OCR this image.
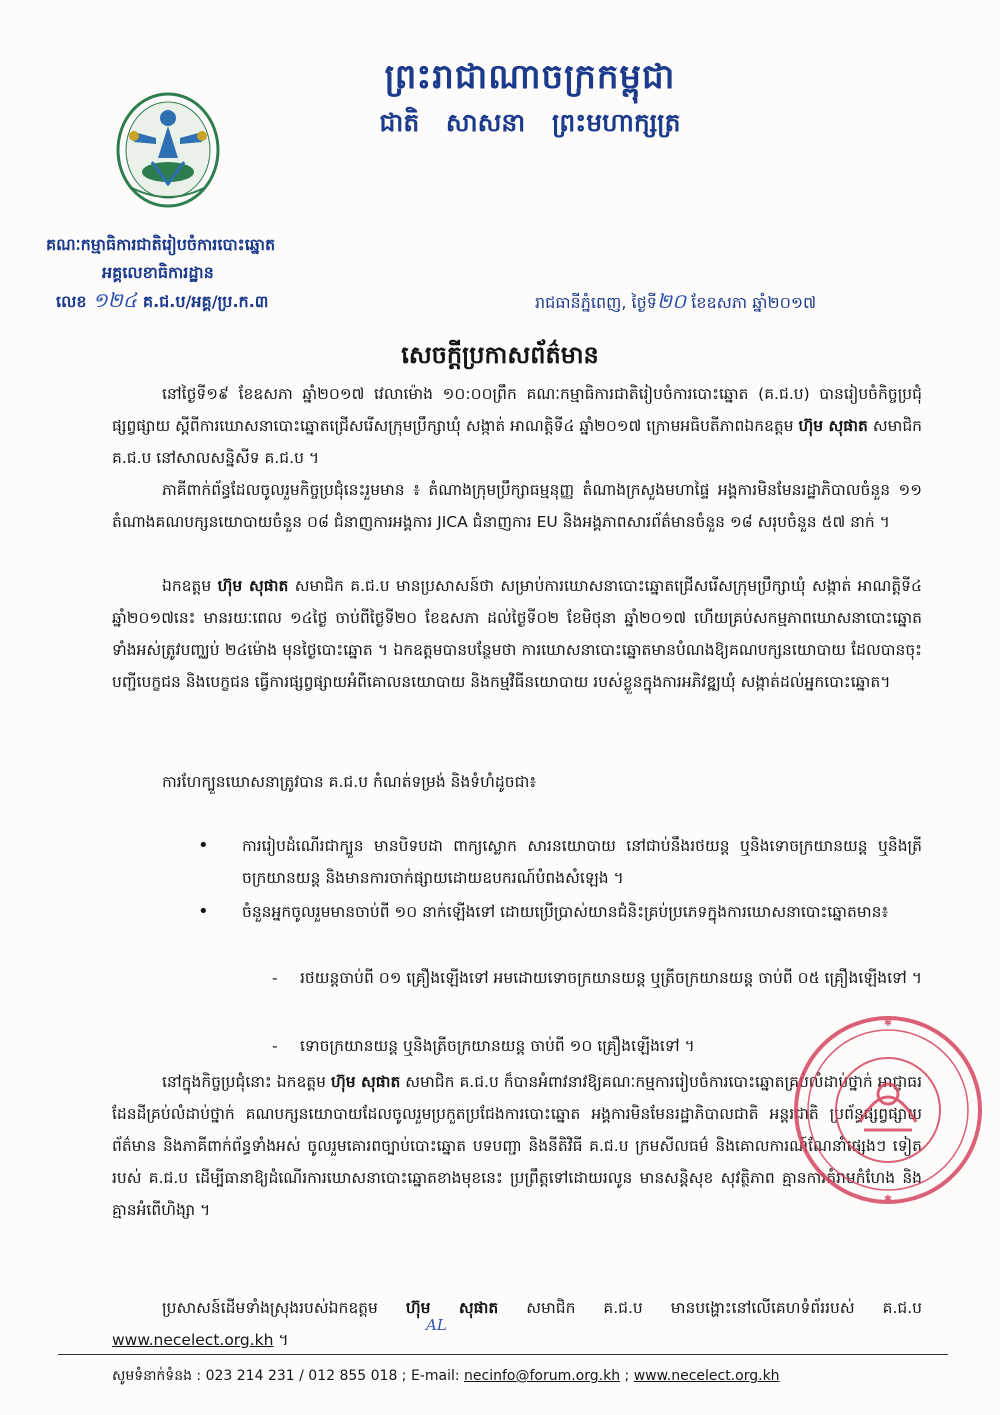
ព្រះរាជាណាចក្រកម្ពុជា
ជាតិ សាសនា ព្រះមហាក្សត្រ
គណៈកម្មាធិការជាតិរៀបចំការបោះឆ្នោត
អគ្គលេខាធិការដ្ឋាន
លេខ ១២៤ គ.ជ.ប/អគ្គ/ប្រ.ក.៣	រាជធានីភ្នំពេញ, ថ្ងៃទី២០ ខែឧសភា ឆ្នាំ២០១៧
សេចក្តីប្រកាសព័ត៌មាន
នៅថ្ងៃទី១៩ ខែឧសភា ឆ្នាំ២០១៧ វេលាម៉ោង ១០:០០ព្រឹក គណៈកម្មាធិការជាតិរៀបចំការបោះឆ្នោត (គ.ជ.ប) បានរៀបចំកិច្ចប្រជុំផ្សព្វផ្សាយ ស្តីពីការឃោសនាបោះឆ្នោតជ្រើសរើសក្រុមប្រឹក្សាឃុំ សង្កាត់ អាណត្តិទី៤ ឆ្នាំ២០១៧ ក្រោមអធិបតីភាពឯកឧត្តម ហ៊ុម សុផាត សមាជិក គ.ជ.ប នៅសាលសន្និសីទ គ.ជ.ប ។
ភាគីពាក់ព័ន្ធដែលចូលរួមកិច្ចប្រជុំនេះរួមមាន ៖ តំណាងក្រុមប្រឹក្សាធម្មនុញ្ញ តំណាងក្រសួងមហាផ្ទៃ អង្គការមិនមែនរដ្ឋាភិបាលចំនួន ១១ តំណាងគណបក្សនយោបាយចំនួន ០៨ ជំនាញការអង្គការ JICA ជំនាញការ EU និងអង្គភាពសារព័ត៌មានចំនួន ១៨ សរុបចំនួន ៥៧ នាក់ ។
ឯកឧត្តម ហ៊ុម សុផាត សមាជិក គ.ជ.ប មានប្រសាសន៍ថា សម្រាប់ការឃោសនាបោះឆ្នោតជ្រើសរើសក្រុមប្រឹក្សាឃុំ សង្កាត់ អាណត្តិទី៤ ឆ្នាំ២០១៧នេះ មានរយៈពេល ១៤ថ្ងៃ ចាប់ពីថ្ងៃទី២០ ខែឧសភា ដល់ថ្ងៃទី០២ ខែមិថុនា ឆ្នាំ២០១៧ ហើយគ្រប់សកម្មភាពឃោសនាបោះឆ្នោតទាំងអស់ត្រូវបញ្ឈប់ ២៤ម៉ោង មុនថ្ងៃបោះឆ្នោត ។ ឯកឧត្តមបានបន្ថែមថា ការឃោសនាបោះឆ្នោតមានបំណងឱ្យគណបក្សនយោបាយ ដែលបានចុះបញ្ជីបេក្ខជន និងបេក្ខជន ធ្វើការផ្សព្វផ្សាយអំពីគោលនយោបាយ និងកម្មវិធីនយោបាយ របស់ខ្លួនក្នុងការអភិវឌ្ឍឃុំ សង្កាត់ដល់អ្នកបោះឆ្នោត។
ការហែក្បួនឃោសនាត្រូវបាន គ.ជ.ប កំណត់ទម្រង់ និងទំហំដូចជា៖
• ការរៀបដំណើរជាក្បួន មានបិទបដា ពាក្យស្លោក សារនយោបាយ នៅជាប់នឹងរថយន្ត ឬនិងទោចក្រយានយន្ត ឬនិងត្រីចក្រយានយន្ត និងមានការចាក់ផ្សាយដោយឧបករណ៍បំពងសំឡេង ។
• ចំនួនអ្នកចូលរួមមានចាប់ពី ១០ នាក់ឡើងទៅ ដោយប្រើប្រាស់យានជំនិះគ្រប់ប្រភេទក្នុងការឃោសនាបោះឆ្នោតមាន៖
- រថយន្តចាប់ពី ០១ គ្រឿងឡើងទៅ អមដោយទោចក្រយានយន្ត ឬត្រីចក្រយានយន្ត ចាប់ពី ០៥ គ្រឿងឡើងទៅ ។
- ទោចក្រយានយន្ត ឬនិងត្រីចក្រយានយន្ត ចាប់ពី ១០ គ្រឿងឡើងទៅ ។
នៅក្នុងកិច្ចប្រជុំនោះ ឯកឧត្តម ហ៊ុម សុផាត សមាជិក គ.ជ.ប ក៏បានអំពាវនាវឱ្យគណៈកម្មការរៀបចំការបោះឆ្នោតគ្រប់លំដាប់ថ្នាក់ អាជ្ញាធរដែនដីគ្រប់លំដាប់ថ្នាក់ គណបក្សនយោបាយដែលចូលរួមប្រកួតប្រជែងការបោះឆ្នោត អង្គការមិនមែនរដ្ឋាភិបាលជាតិ អន្តរជាតិ ប្រព័ន្ធផ្សព្វផ្សាយព័ត៌មាន និងភាគីពាក់ព័ន្ធទាំងអស់ ចូលរួមគោរពច្បាប់បោះឆ្នោត បទបញ្ជា និងនីតិវិធី គ.ជ.ប ក្រមសីលធម៌ និងគោលការណ៍ណែនាំផ្សេងៗ ទៀតរបស់ គ.ជ.ប ដើម្បីធានាឱ្យដំណើរការឃោសនាបោះឆ្នោតខាងមុខនេះ ប្រព្រឹត្តទៅដោយរលូន មានសន្តិសុខ សុវត្ថិភាព គ្មានការគំរាមកំហែង និងគ្មានអំពើហិង្សា ។
ប្រសាសន៍ដើមទាំងស្រុងរបស់ឯកឧត្តម ហ៊ុម សុផាត សមាជិក គ.ជ.ប មានបង្ហោះនៅលើគេហទំព័ររបស់ គ.ជ.ប www.necelect.org.kh ។
AL
✱
✱
សូមទំនាក់ទំនង : 023 214 231 / 012 855 018 ; E-mail: necinfo@forum.org.kh ; www.necelect.org.kh
